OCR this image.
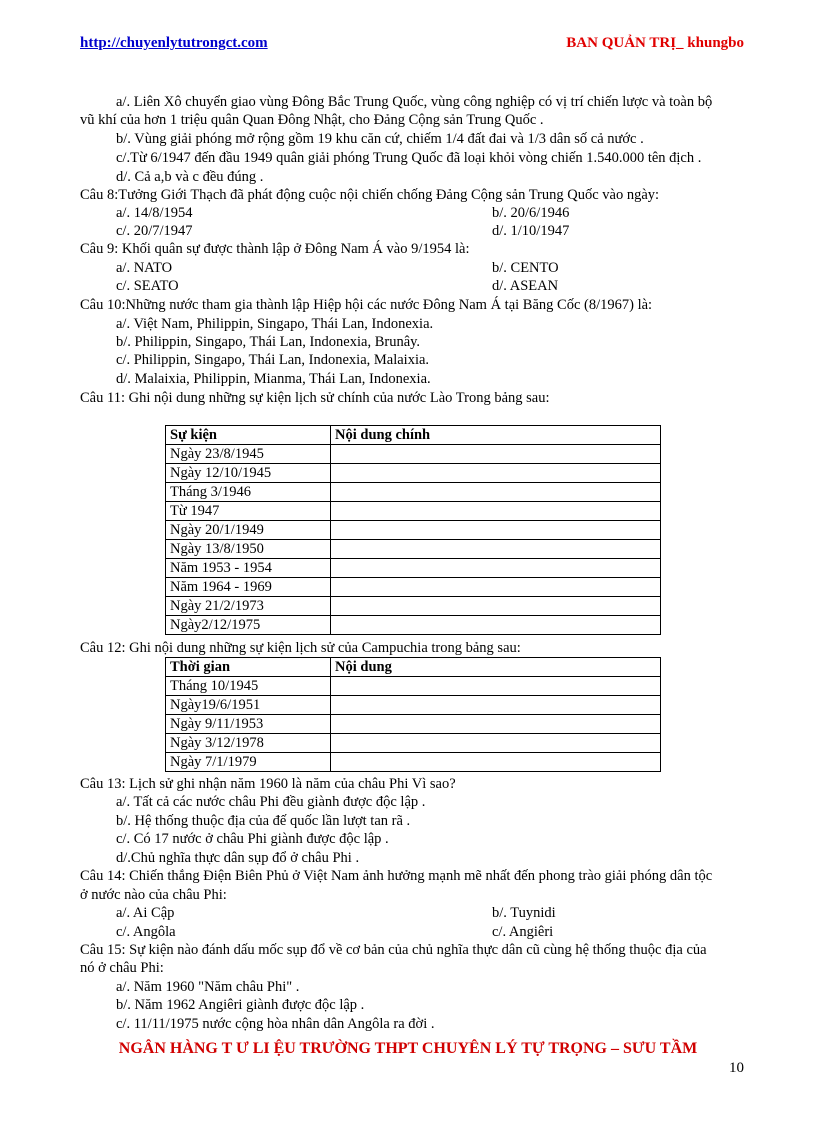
http://chuyenlytutrongct.com	BAN QUẢN TRỊ_ khungbo
a/. Liên Xô chuyển giao vùng Đông Bắc Trung Quốc, vùng công nghiệp có vị trí chiến lược và toàn bộ
vũ khí của hơn 1 triệu quân Quan Đông Nhật, cho Đảng Cộng sản Trung Quốc .
b/. Vùng giải phóng mở rộng gồm 19 khu căn cứ, chiếm 1/4 đất đai và 1/3 dân số cả nước .
c/.Từ 6/1947 đến đầu 1949 quân giải phóng Trung Quốc đã loại khỏi vòng chiến 1.540.000 tên địch .
d/. Cả a,b và c đều đúng .
Câu 8:Tưởng Giới Thạch đã phát động cuộc nội chiến chống Đảng Cộng sản Trung Quốc vào ngày:
a/. 14/8/1954	b/. 20/6/1946
c/. 20/7/1947	d/. 1/10/1947
Câu 9: Khối quân sự được thành lập ở Đông Nam Á vào 9/1954 là:
a/. NATO	b/. CENTO
c/. SEATO	d/. ASEAN
Câu 10:Những nước tham gia thành lập Hiệp hội các nước Đông Nam Á tại Băng Cốc (8/1967) là:
a/. Việt Nam, Philippin, Singapo, Thái Lan, Indonexia.
b/. Philippin, Singapo, Thái Lan, Indonexia, Brunây.
c/. Philippin, Singapo, Thái Lan, Indonexia, Malaixia.
d/. Malaixia, Philippin, Mianma, Thái Lan, Indonexia.
Câu 11: Ghi nội dung những sự kiện lịch sử chính của nước Lào Trong bảng sau:
Sự kiện	Nội dung chính
Ngày 23/8/1945	
Ngày 12/10/1945	
Tháng 3/1946	
Từ 1947	
Ngày 20/1/1949	
Ngày 13/8/1950	
Năm 1953 - 1954	
Năm 1964 - 1969	
Ngày 21/2/1973	
Ngày2/12/1975	
Câu 12: Ghi nội dung những sự kiện lịch sử của Campuchia trong bảng sau:
Thời gian	Nội dung
Tháng 10/1945	
Ngày19/6/1951	
Ngày 9/11/1953	
Ngày 3/12/1978	
Ngày 7/1/1979	
Câu 13: Lịch sử ghi nhận năm 1960 là năm của châu Phi Vì sao?
a/. Tất cả các nước châu Phi đều giành được độc lập .
b/. Hệ thống thuộc địa của đế quốc lần lượt tan rã .
c/. Có 17 nước ở châu Phi giành được độc lập .
d/.Chủ nghĩa thực dân sụp đổ ở châu Phi .
Câu 14: Chiến thắng Điện Biên Phủ ở Việt Nam ảnh hưởng mạnh mẽ nhất đến phong trào giải phóng dân tộc
ở nước nào của châu Phi:
a/. Ai Cập	b/. Tuynidi
c/. Angôla	c/. Angiêri
Câu 15: Sự kiện nào đánh dấu mốc sụp đổ về cơ bản của chủ nghĩa thực dân cũ cùng hệ thống thuộc địa của
nó ở châu Phi:
a/. Năm 1960 "Năm châu Phi" .
b/. Năm 1962 Angiêri giành được độc lập .
c/. 11/11/1975 nước cộng hòa nhân dân Angôla ra đời .
NGÂN HÀNG T Ư LI ỆU TRƯỜNG THPT CHUYÊN LÝ TỰ TRỌNG – SƯU TẦM
10
